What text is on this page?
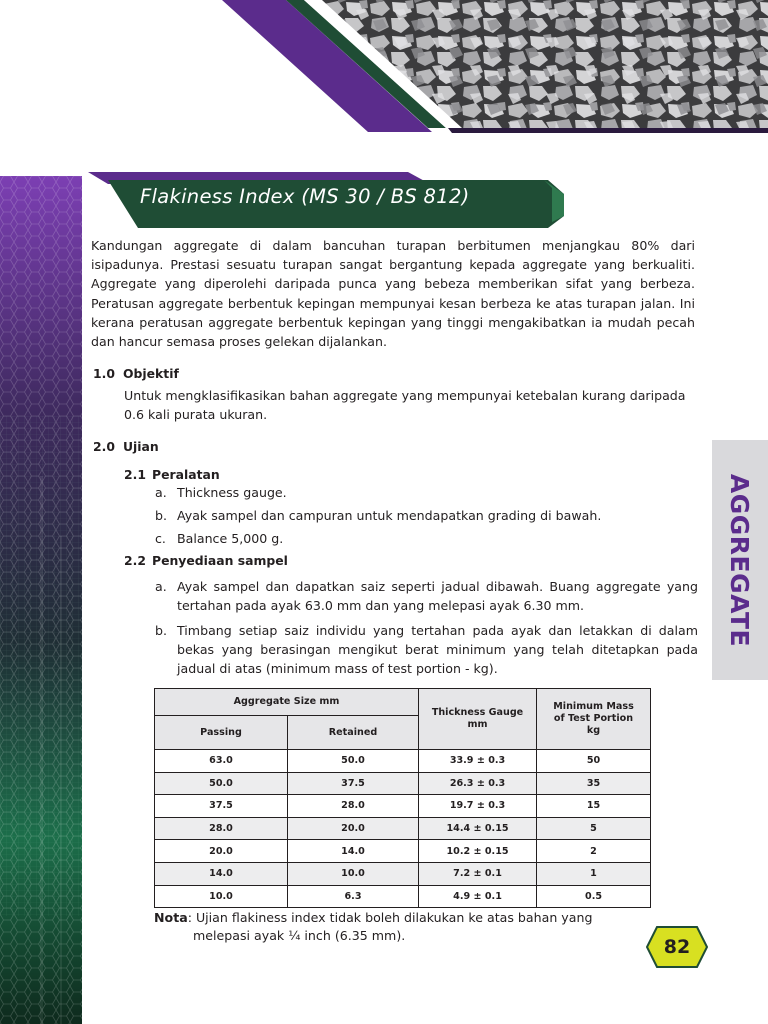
Flakiness Index (MS 30 / BS 812)
AGGREGATE

Kandungan aggregate di dalam bancuhan turapan berbitumen menjangkau 80% dari isipadunya. Prestasi sesuatu turapan sangat bergantung kepada aggregate yang berkualiti. Aggregate yang diperolehi daripada punca yang bebeza memberikan sifat yang berbeza. Peratusan aggregate berbentuk kepingan mempunyai kesan berbeza ke atas turapan jalan. Ini kerana peratusan aggregate berbentuk kepingan yang tinggi mengakibatkan ia mudah pecah dan hancur semasa proses gelekan dijalankan.

1.0 Objektif

Untuk mengklasifikasikan bahan aggregate yang mempunyai ketebalan kurang daripada 0.6 kali purata ukuran.

2.0 Ujian
2.1 Peralatan
a. Thickness gauge.
b. Ayak sampel dan campuran untuk mendapatkan grading di bawah.
c. Balance 5,000 g.
2.2 Penyediaan sampel
a. Ayak sampel dan dapatkan saiz seperti jadual dibawah. Buang aggregate yang tertahan pada ayak 63.0 mm dan yang melepasi ayak 6.30 mm.
b. Timbang setiap saiz individu yang tertahan pada ayak dan letakkan di dalam bekas yang berasingan mengikut berat minimum yang telah ditetapkan pada jadual di atas (minimum mass of test portion - kg).
Aggregate Size mm		Thickness Gauge mm	Minimum Mass of Test Portion kg
Passing	Retained		
63.0	50.0	33.9 ± 0.3	50
50.0	37.5	26.3 ± 0.3	35
37.5	28.0	19.7 ± 0.3	15
28.0	20.0	14.4 ± 0.15	5
20.0	14.0	10.2 ± 0.15	2
14.0	10.0	7.2 ± 0.1	1
10.0	6.3	4.9 ± 0.1	0.5
Nota: Ujian flakiness index tidak boleh dilakukan ke atas bahan yang
melepasi ayak ¼ inch (6.35 mm).
82
